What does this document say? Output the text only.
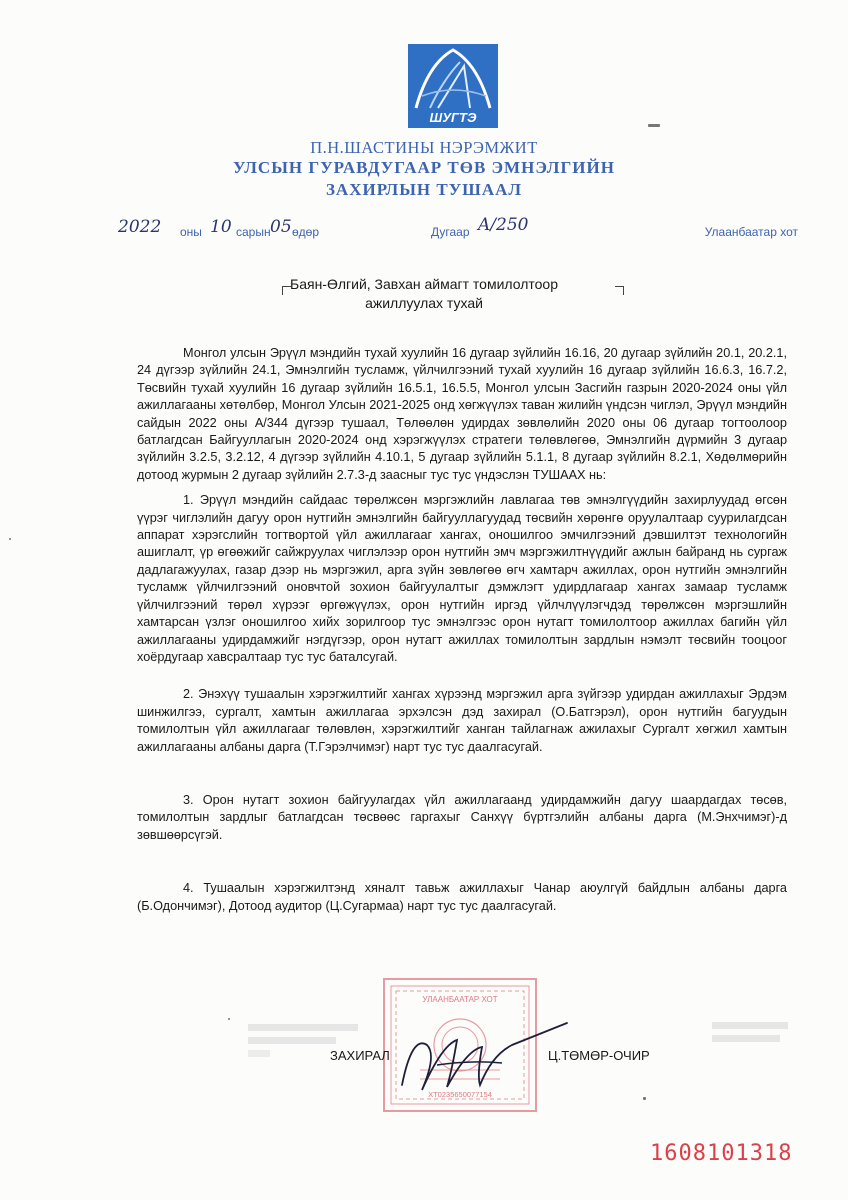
ШУГТЭ
П.Н.ШАСТИНЫ НЭРЭМЖИТ
УЛСЫН ГУРАВДУГААР ТӨВ ЭМНЭЛГИЙН
ЗАХИРЛЫН ТУШААЛ
2022 оны 10 сарын 05 өдөр	Дугаар A/250	Улаанбаатар хот
Баян-Өлгий, Завхан аймагт томилолтоор
ажиллуулах тухай

Монгол улсын Эрүүл мэндийн тухай хуулийн 16 дугаар зүйлийн 16.16, 20 дугаар зүйлийн 20.1, 20.2.1, 24 дүгээр зүйлийн 24.1, Эмнэлгийн тусламж, үйлчилгээний тухай хуулийн 16 дугаар зүйлийн 16.6.3, 16.7.2, Төсвийн тухай хуулийн 16 дугаар зүйлийн 16.5.1, 16.5.5, Монгол улсын Засгийн газрын 2020-2024 оны үйл ажиллагааны хөтөлбөр, Монгол Улсын 2021-2025 онд хөгжүүлэх таван жилийн үндсэн чиглэл, Эрүүл мэндийн сайдын 2022 оны А/344 дүгээр тушаал, Төлөөлөн удирдах зөвлөлийн 2020 оны 06 дугаар тогтоолоор батлагдсан Байгууллагын 2020-2024 онд хэрэгжүүлэх стратеги төлөвлөгөө, Эмнэлгийн дүрмийн 3 дугаар зүйлийн 3.2.5, 3.2.12, 4 дүгээр зүйлийн 4.10.1, 5 дугаар зүйлийн 5.1.1, 8 дугаар зүйлийн 8.2.1, Хөдөлмөрийн дотоод журмын 2 дугаар зүйлийн 2.7.3-д заасныг тус тус үндэслэн ТУШААХ нь:

1. Эрүүл мэндийн сайдаас төрөлжсөн мэргэжлийн лавлагаа төв эмнэлгүүдийн захирлуудад өгсөн үүрэг чиглэлийн дагуу орон нутгийн эмнэлгийн байгууллагуудад төсвийн хөрөнгө оруулалтаар суурилагдсан аппарат хэрэгслийн тогтвортой үйл ажиллагааг хангах, оношилгоо эмчилгээний дэвшилтэт технологийн ашиглалт, үр өгөөжийг сайжруулах чиглэлээр орон нутгийн эмч мэргэжилтнүүдийг ажлын байранд нь сургаж дадлагажуулах, газар дээр нь мэргэжил, арга зүйн зөвлөгөө өгч хамтарч ажиллах, орон нутгийн эмнэлгийн тусламж үйлчилгээний оновчтой зохион байгуулалтыг дэмжлэгт удирдлагаар хангах замаар тусламж үйлчилгээний төрөл хүрээг өргөжүүлэх, орон нутгийн иргэд үйлчлүүлэгчдэд төрөлжсөн мэргэшлийн хамтарсан үзлэг оношилгоо хийх зорилгоор тус эмнэлгээс орон нутагт томилолтоор ажиллах багийн үйл ажиллагааны удирдамжийг нэгдүгээр, орон нутагт ажиллах томилолтын зардлын нэмэлт төсвийн тооцоог хоёрдугаар хавсралтаар тус тус баталсугай.

2. Энэхүү тушаалын хэрэгжилтийг хангах хүрээнд мэргэжил арга зүйгээр удирдан ажиллахыг Эрдэм шинжилгээ, сургалт, хамтын ажиллагаа эрхэлсэн дэд захирал (О.Батгэрэл), орон нутгийн багуудын томилолтын үйл ажиллагааг төлөвлөн, хэрэгжилтийг ханган тайлагнаж ажилахыг Сургалт хөгжил хамтын ажиллагааны албаны дарга (Т.Гэрэлчимэг) нарт тус тус даалгасугай.

3. Орон нутагт зохион байгуулагдах үйл ажиллагаанд удирдамжийн дагуу шаардагдах төсөв, томилолтын зардлыг батлагдсан төсвөөс гаргахыг Санхүү бүртгэлийн албаны дарга (М.Энхчимэг)-д зөвшөөрсүгэй.

4. Тушаалын хэрэгжилтэнд хяналт тавьж ажиллахыг Чанар аюулгүй байдлын албаны дарга (Б.Одончимэг), Дотоод аудитор (Ц.Сугармаа) нарт тус тус даалгасугай.

УЛААНБААТАР ХОТ
ХТ0235650077154
ЗАХИРАЛ	Ц.ТӨМӨР-ОЧИР
1608101318
